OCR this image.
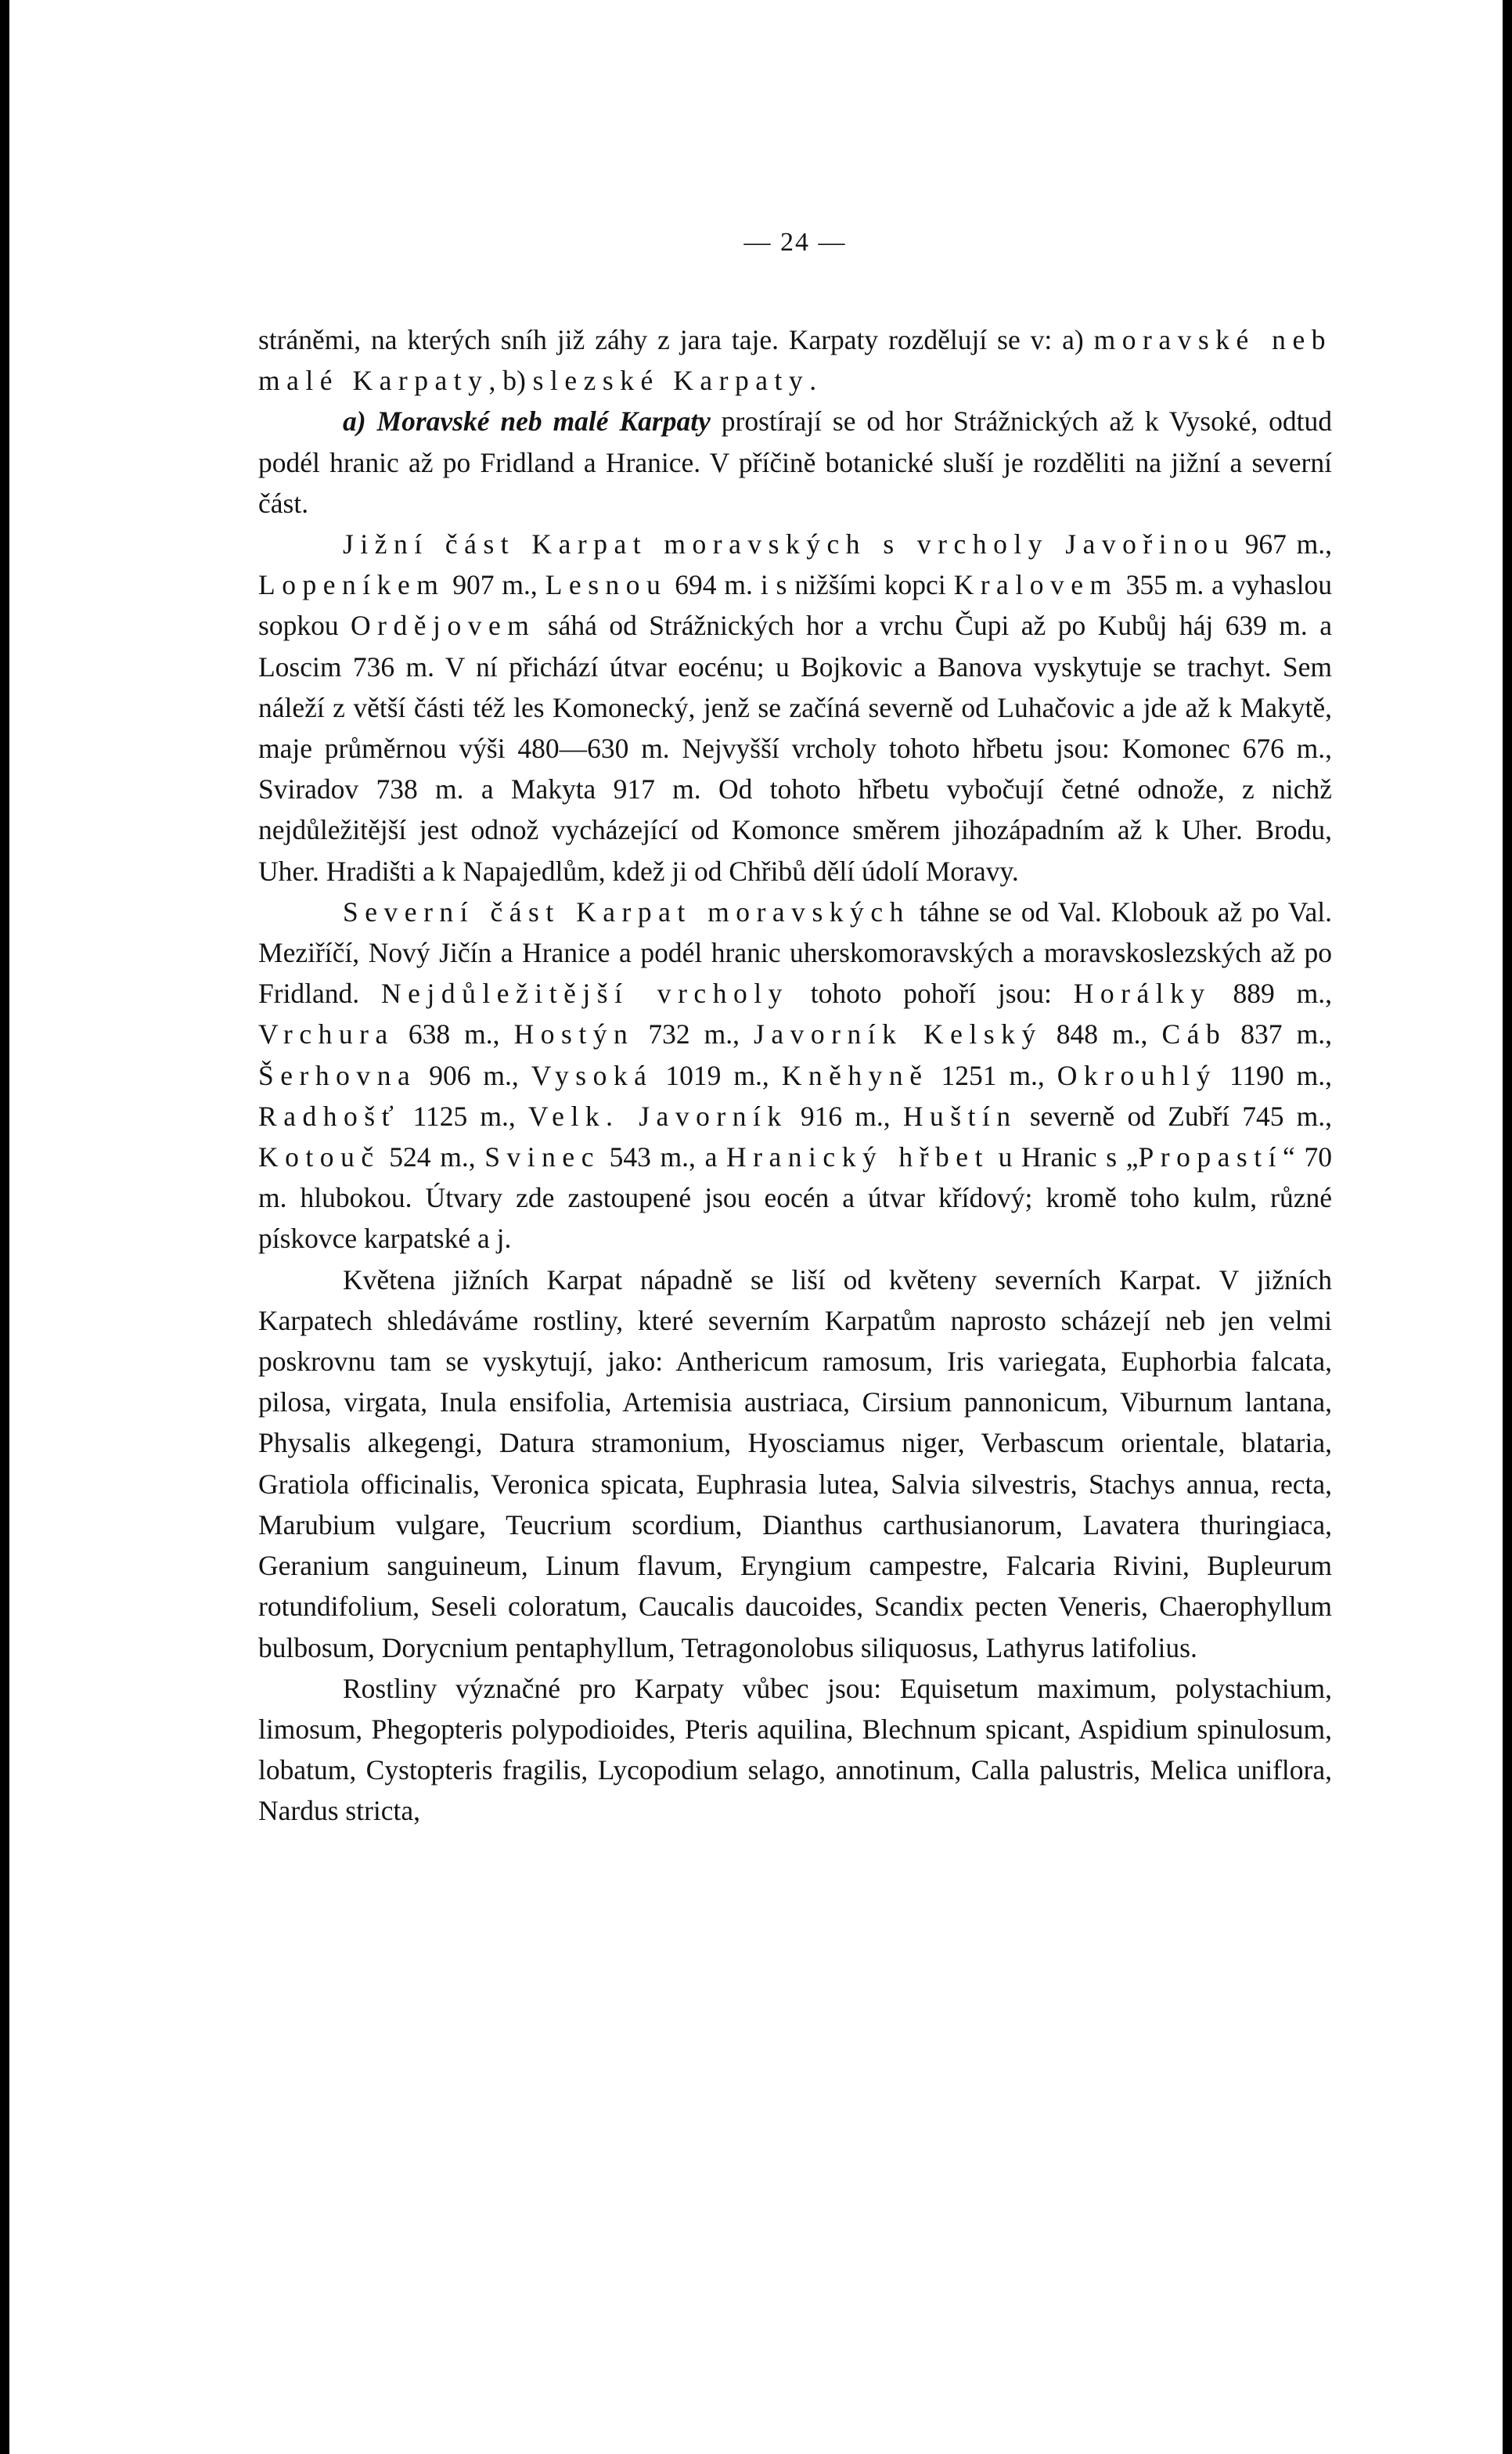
— 24 —

stráněmi, na kterých sníh již záhy z jara taje. Karpaty rozdělují se v: a) moravské neb malé Karpaty, b) slezské Karpaty.

a) Moravské neb malé Karpaty prostírají se od hor Strážnických až k Vysoké, odtud podél hranic až po Fridland a Hranice. V příčině botanické sluší je rozděliti na jižní a severní část.

Jižní část Karpat moravských s vrcholy Javořinou 967 m., Lopeníkem 907 m., Lesnou 694 m. i s nižšími kopci Kralovem 355 m. a vyhaslou sopkou Ordějovem sáhá od Strážnických hor a vrchu Čupi až po Kubůj háj 639 m. a Loscim 736 m. V ní přichází útvar eocénu; u Bojkovic a Banova vyskytuje se trachyt. Sem náleží z větší části též les Komonecký, jenž se začíná severně od Luhačovic a jde až k Makytě, maje průměrnou výši 480—630 m. Nejvyšší vrcholy tohoto hřbetu jsou: Komonec 676 m., Sviradov 738 m. a Makyta 917 m. Od tohoto hřbetu vybočují četné odnože, z nichž nejdůležitější jest odnož vycházející od Komonce směrem jihozápadním až k Uher. Brodu, Uher. Hradišti a k Napajedlům, kdež ji od Chřibů dělí údolí Moravy.

Severní část Karpat moravských táhne se od Val. Klobouk až po Val. Meziříčí, Nový Jičín a Hranice a podél hranic uherskomoravských a moravskoslezských až po Fridland. Nejdůležitější vrcholy tohoto pohoří jsou: Horálky 889 m., Vrchura 638 m., Hostýn 732 m., Javorník Kelský 848 m., Cáb 837 m., Šerhovna 906 m., Vysoká 1019 m., Kněhyně 1251 m., Okrouhlý 1190 m., Radhošť 1125 m., Velk. Javorník 916 m., Huštín severně od Zubří 745 m., Kotouč 524 m., Svinec 543 m., a Hranický hřbet u Hranic s „Propastí“ 70 m. hlubokou. Útvary zde zastoupené jsou eocén a útvar křídový; kromě toho kulm, různé pískovce karpatské a j.

Květena jižních Karpat nápadně se liší od květeny severních Karpat. V jižních Karpatech shledáváme rostliny, které severním Karpatům naprosto scházejí neb jen velmi poskrovnu tam se vyskytují, jako: Anthericum ramosum, Iris variegata, Euphorbia falcata, pilosa, virgata, Inula ensifolia, Artemisia austriaca, Cirsium pannonicum, Viburnum lantana, Physalis alkegengi, Datura stramonium, Hyosciamus niger, Verbascum orientale, blataria, Gratiola officinalis, Veronica spicata, Euphrasia lutea, Salvia silvestris, Stachys annua, recta, Marubium vulgare, Teucrium scordium, Dianthus carthusianorum, Lavatera thuringiaca, Geranium sanguineum, Linum flavum, Eryngium campestre, Falcaria Rivini, Bupleurum rotundifolium, Seseli coloratum, Caucalis daucoides, Scandix pecten Veneris, Chaerophyllum bulbosum, Dorycnium pentaphyllum, Tetragonolobus siliquosus, Lathyrus latifolius.

Rostliny význačné pro Karpaty vůbec jsou: Equisetum maximum, polystachium, limosum, Phegopteris polypodioides, Pteris aquilina, Blechnum spicant, Aspidium spinulosum, lobatum, Cystopteris fragilis, Lycopodium selago, annotinum, Calla palustris, Melica uniflora, Nardus stricta,
